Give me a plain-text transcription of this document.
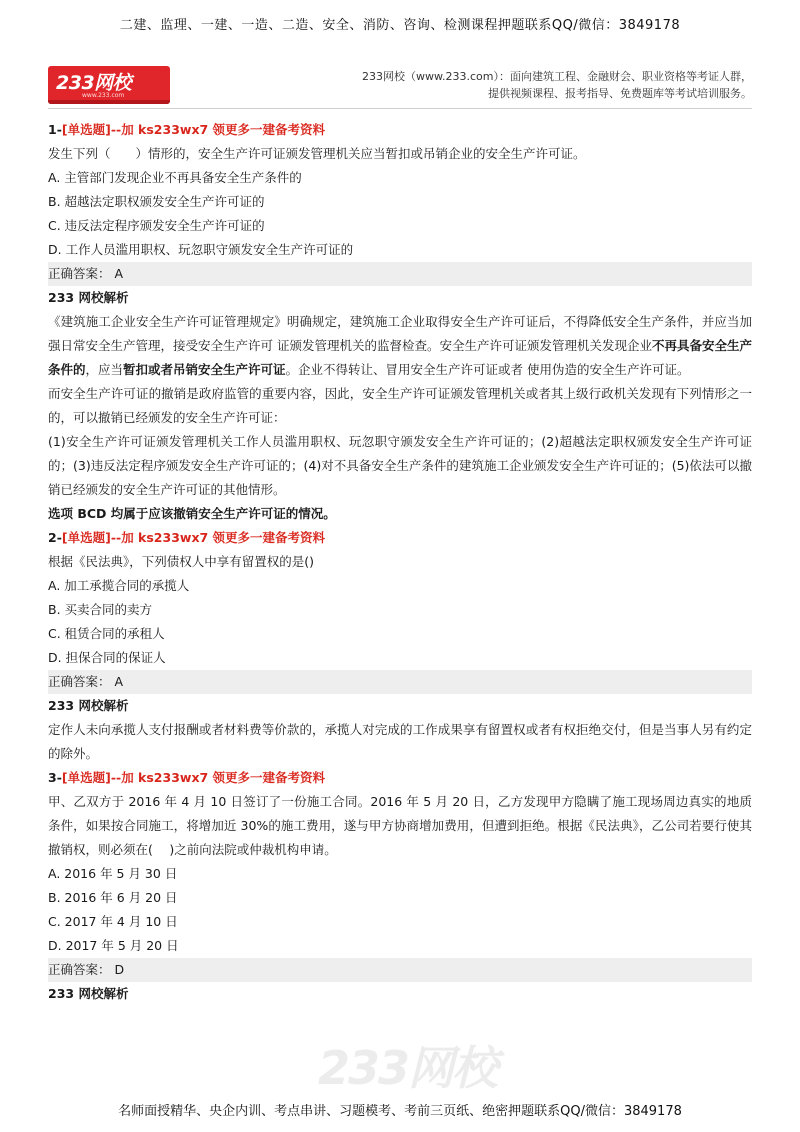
二建、监理、一建、一造、二造、安全、消防、咨询、检测课程押题联系QQ/微信：3849178
233网校
www.233.com
233网校（www.233.com）：面向建筑工程、金融财会、职业资格等考证人群，
提供视频课程、报考指导、免费题库等考试培训服务。
1-[单选题]--加 ks233wx7 领更多一建备考资料
发生下列（　　）情形的，安全生产许可证颁发管理机关应当暂扣或吊销企业的安全生产许可证。
A. 主管部门发现企业不再具备安全生产条件的
B. 超越法定职权颁发安全生产许可证的
C. 违反法定程序颁发安全生产许可证的
D. 工作人员滥用职权、玩忽职守颁发安全生产许可证的
正确答案： A
233 网校解析
《建筑施工企业安全生产许可证管理规定》明确规定，建筑施工企业取得安全生产许可证后，不得降低安全生产条件，并应当加强日常安全生产管理，接受安全生产许可 证颁发管理机关的监督检查。安全生产许可证颁发管理机关发现企业不再具备安全生产条件的，应当暂扣或者吊销安全生产许可证。企业不得转让、冒用安全生产许可证或者 使用伪造的安全生产许可证。
而安全生产许可证的撤销是政府监管的重要内容，因此，安全生产许可证颁发管理机关或者其上级行政机关发现有下列情形之一的，可以撤销已经颁发的安全生产许可证：
(1)安全生产许可证颁发管理机关工作人员滥用职权、玩忽职守颁发安全生产许可证的；(2)超越法定职权颁发安全生产许可证的；(3)违反法定程序颁发安全生产许可证的；(4)对不具备安全生产条件的建筑施工企业颁发安全生产许可证的；(5)依法可以撤销已经颁发的安全生产许可证的其他情形。
选项 BCD 均属于应该撤销安全生产许可证的情况。
2-[单选题]--加 ks233wx7 领更多一建备考资料
根据《民法典》，下列债权人中享有留置权的是()
A. 加工承揽合同的承揽人
B. 买卖合同的卖方
C. 租赁合同的承租人
D. 担保合同的保证人
正确答案： A
233 网校解析
定作人未向承揽人支付报酬或者材料费等价款的，承揽人对完成的工作成果享有留置权或者有权拒绝交付，但是当事人另有约定的除外。
3-[单选题]--加 ks233wx7 领更多一建备考资料
甲、乙双方于 2016 年 4 月 10 日签订了一份施工合同。2016 年 5 月 20 日，乙方发现甲方隐瞒了施工现场周边真实的地质条件，如果按合同施工，将增加近 30%的施工费用，遂与甲方协商增加费用，但遭到拒绝。根据《民法典》，乙公司若要行使其撤销权，则必须在(　 )之前向法院或仲裁机构申请。
A. 2016 年 5 月 30 日
B. 2016 年 6 月 20 日
C. 2017 年 4 月 10 日
D. 2017 年 5 月 20 日
正确答案： D
233 网校解析
233网校
名师面授精华、央企内训、考点串讲、习题模考、考前三页纸、绝密押题联系QQ/微信：3849178
